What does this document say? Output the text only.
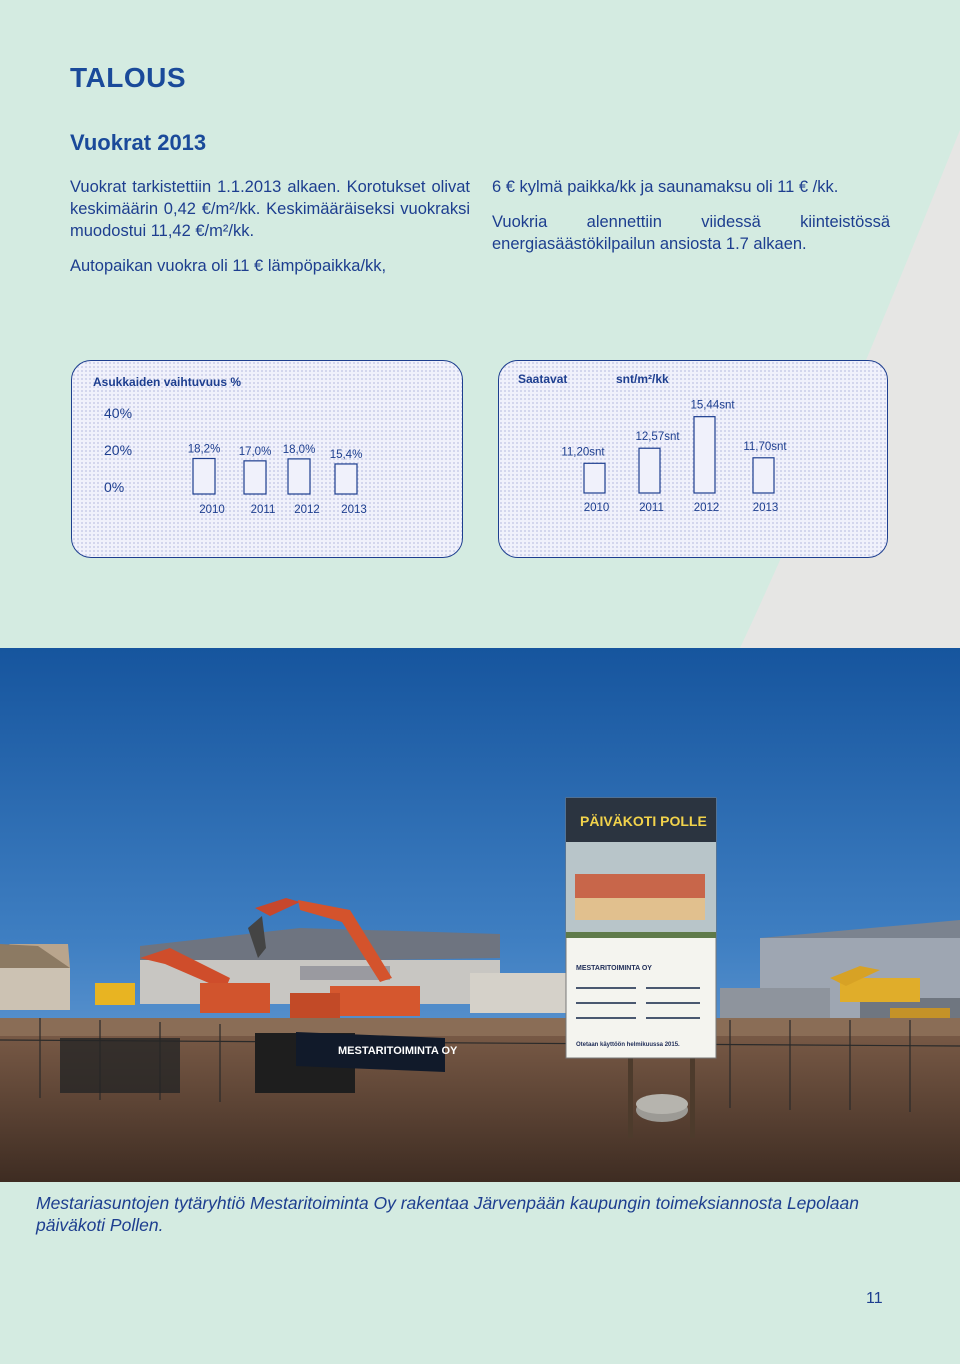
TALOUS
Vuokrat 2013

Vuokrat tarkistettiin 1.1.2013 alkaen. Korotukset olivat keskimäärin 0,42 €/m²/kk. Keskimääräiseksi vuokraksi muodostui 11,42 €/m²/kk.

Autopaikan vuokra oli 11 € lämpöpaikka/kk,

6 € kylmä paikka/kk ja saunamaksu oli 11 € /kk.

Vuokria alennettiin viidessä kiinteistössä energiasäästökilpailun ansiosta 1.7 alkaen.

Asukkaiden vaihtuvuus %
40%
20%
0%
18,2%
2010
17,0%
2011
18,0%
2012
15,4%
2013
Saatavat	snt/m²/kk
11,20snt
2010
12,57snt
2011
15,44snt
2012
11,70snt
2013
MESTARITOIMINTA OY
PÄIVÄKOTI POLLE
MESTARITOIMINTA OY
Otetaan käyttöön helmikuussa 2015.

Mestariasuntojen tytäryhtiö Mestaritoiminta Oy rakentaa Järvenpään kaupungin toimeksiannosta Lepolaan päiväkoti Pollen.

11
